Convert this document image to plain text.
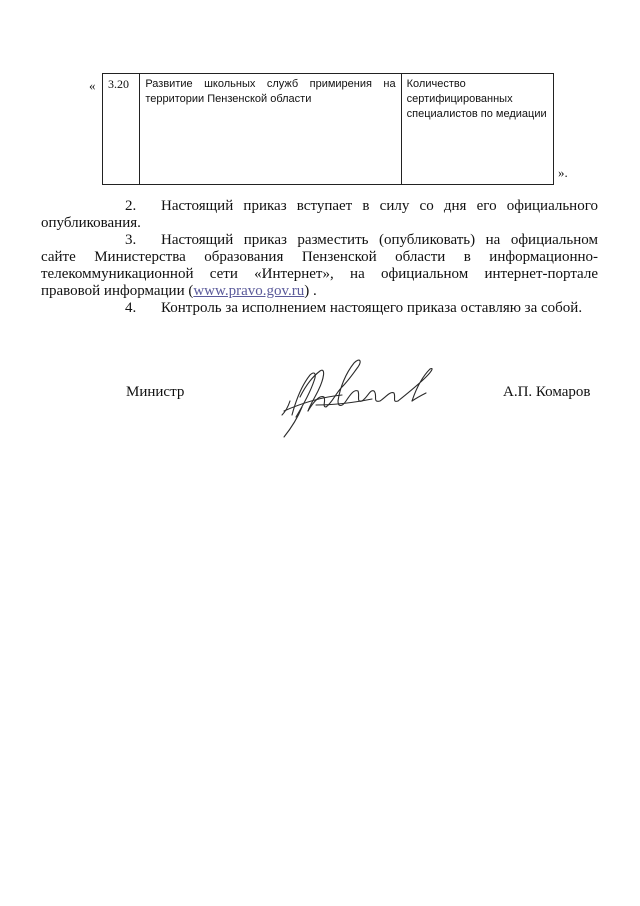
« 3.20	Развитие школьных служб примирения на территории Пензенской области	Количество сертифицированных специалистов по медиации
».

2. Настоящий приказ вступает в силу со дня его официального опубликования.

3. Настоящий приказ разместить (опубликовать) на официальном сайте Министерства образования Пензенской области в информационно-телекоммуникационной сети «Интернет», на официальном интернет-портале правовой информации (www.pravo.gov.ru) .

4. Контроль за исполнением настоящего приказа оставляю за собой.

Министр	А.П. Комаров
